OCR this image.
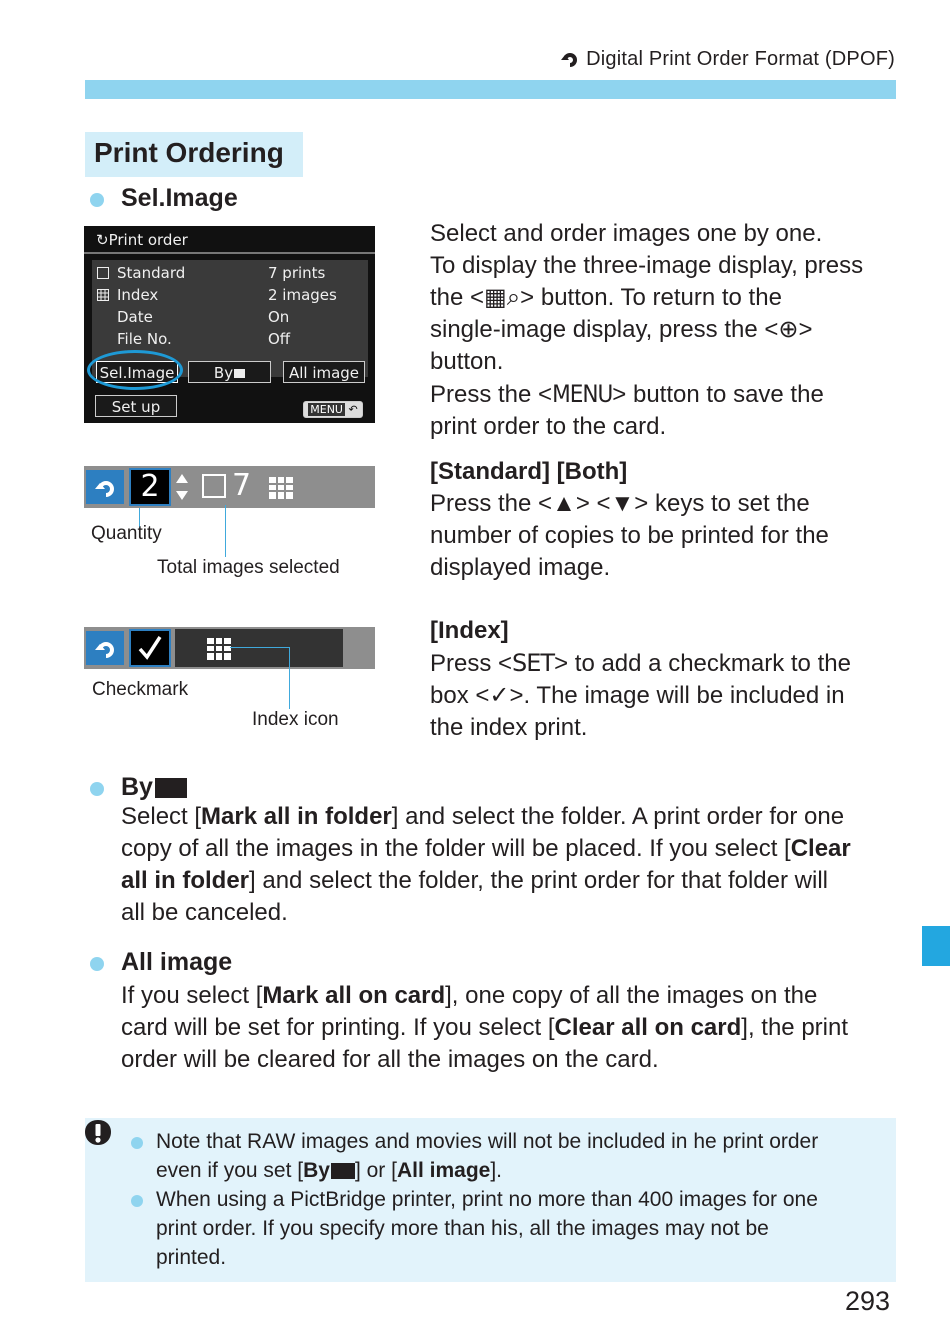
Digital Print Order Format (DPOF)
Print Ordering
Sel.Image
↻Print order
Standard	7 prints
Index	2 images
Date	On
File No.	Off
Sel.Image	By	All image
Set up	MENU ↶
Select and order images one by one.
To display the three-image display, press
the <▦⌕> button. To return to the
single-image display, press the <⊕>
button.
Press the <MENU> button to save the
print order to the card.
2	7
Quantity
Total images selected
[Standard] [Both]
Press the <▲> <▼> keys to set the
number of copies to be printed for the
displayed image.
Checkmark
Index icon
[Index]
Press <SET> to add a checkmark to the
box <✓>. The image will be included in
the index print.
By
Select [Mark all in folder] and select the folder. A print order for one
copy of all the images in the folder will be placed. If you select [Clear
all in folder] and select the folder, the print order for that folder will
all be canceled.
All image
If you select [Mark all on card], one copy of all the images on the
card will be set for printing. If you select [Clear all on card], the print
order will be cleared for all the images on the card.
Note that RAW images and movies will not be included in he print order
even if you set [ By ] or [ All image ].
When using a PictBridge printer, print no more than 400 images for one
print order. If you specify more than his, all the images may not be
printed.
293
